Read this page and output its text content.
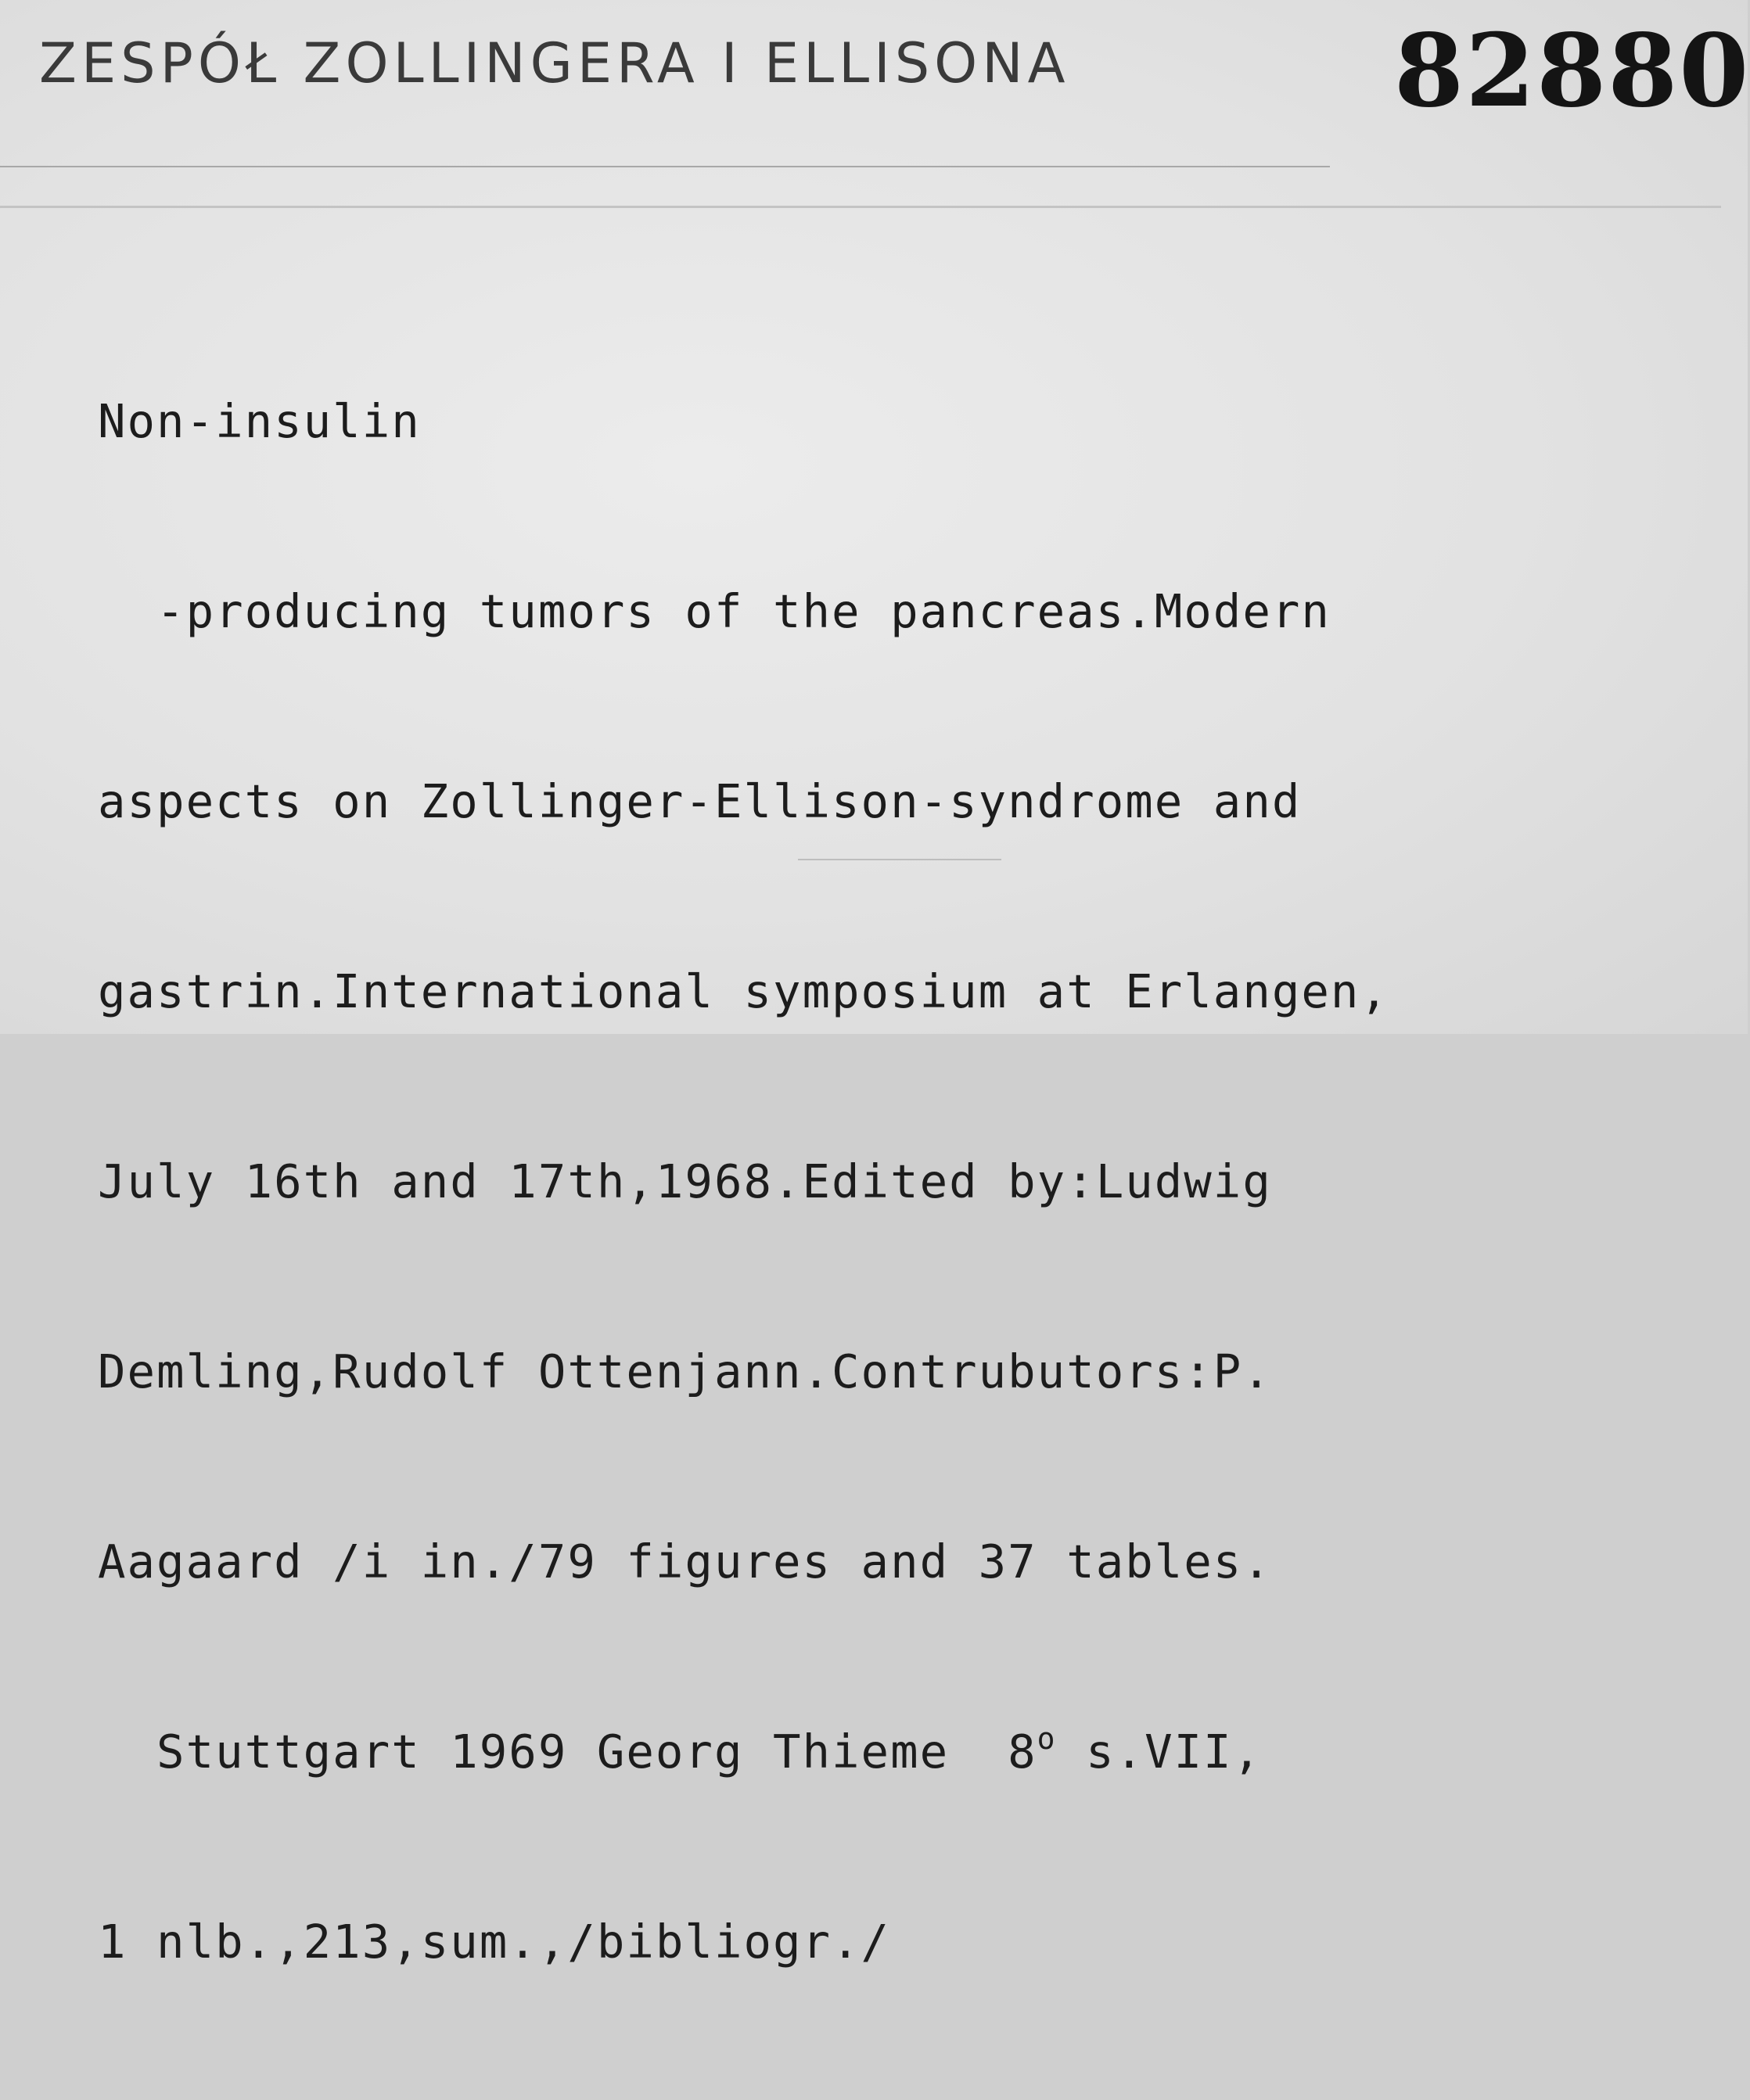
ZESPÓŁ ZOLLINGERA I ELLISONA	82880

Non-insulin

-producing tumors of the pancreas.Modern

aspects on Zollinger-Ellison-syndrome and

gastrin.International symposium at Erlangen,

July 16th and 17th,1968.Edited by:Ludwig

Demling,Rudolf Ottenjann.Contrubutors:P.

Aagaard /i in./79 figures and 37 tables.

Stuttgart 1969 Georg Thieme  8$^o$ s.VII,

1 nlb.,213,sum.,/bibliogr./
